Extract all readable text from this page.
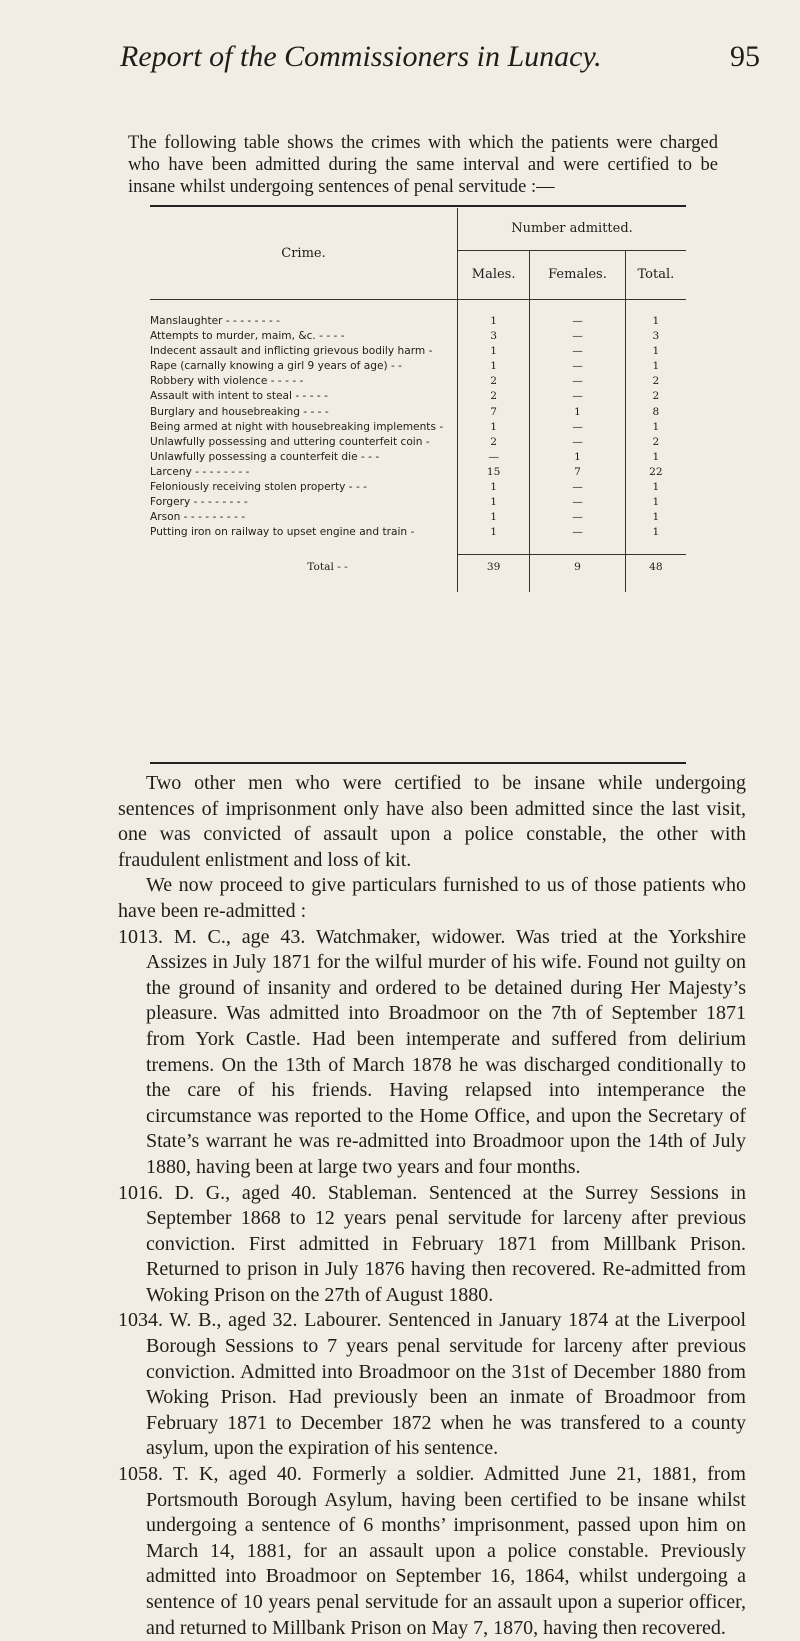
Report of the Commissioners in Lunacy.	95
The following table shows the crimes with which the patients were charged who have been admitted during the same interval and were certified to be insane whilst undergoing sentences of penal servitude :—
Crime.	Number admitted.		
	Males.	Females.	Total.

Manslaughter - - - - - - - -	1	—	1
Attempts to murder, maim, &c. - - - -	3	—	3
Indecent assault and inflicting grievous bodily harm -	1	—	1
Rape (carnally knowing a girl 9 years of age) - -	1	—	1
Robbery with violence - - - - -	2	—	2
Assault with intent to steal - - - - -	2	—	2
Burglary and housebreaking - - - -	7	1	8
Being armed at night with housebreaking implements -	1	—	1
Unlawfully possessing and uttering counterfeit coin -	2	—	2
Unlawfully possessing a counterfeit die - - -	—	1	1
Larceny - - - - - - - -	15	7	22
Feloniously receiving stolen property - - -	1	—	1
Forgery - - - - - - - -	1	—	1
Arson - - - - - - - - -	1	—	1
Putting iron on railway to upset engine and train -	1	—	1

Total - -	39	9	48

Two other men who were certified to be insane while undergoing sentences of imprisonment only have also been admitted since the last visit, one was convicted of assault upon a police constable, the other with fraudulent enlistment and loss of kit.

We now proceed to give particulars furnished to us of those patients who have been re-admitted :

1013. M. C., age 43. Watchmaker, widower. Was tried at the Yorkshire Assizes in July 1871 for the wilful murder of his wife. Found not guilty on the ground of insanity and ordered to be detained during Her Majesty’s pleasure. Was admitted into Broadmoor on the 7th of September 1871 from York Castle. Had been intemperate and suffered from delirium tremens. On the 13th of March 1878 he was discharged conditionally to the care of his friends. Having relapsed into intemperance the circumstance was reported to the Home Office, and upon the Secretary of State’s warrant he was re-admitted into Broadmoor upon the 14th of July 1880, having been at large two years and four months.

1016. D. G., aged 40. Stableman. Sentenced at the Surrey Sessions in September 1868 to 12 years penal servitude for larceny after previous conviction. First admitted in February 1871 from Millbank Prison. Returned to prison in July 1876 having then recovered. Re-admitted from Woking Prison on the 27th of August 1880.

1034. W. B., aged 32. Labourer. Sentenced in January 1874 at the Liverpool Borough Sessions to 7 years penal servitude for larceny after previous conviction. Admitted into Broadmoor on the 31st of December 1880 from Woking Prison. Had previously been an inmate of Broadmoor from February 1871 to December 1872 when he was transfered to a county asylum, upon the expiration of his sentence.

1058. T. K, aged 40. Formerly a soldier. Admitted June 21, 1881, from Portsmouth Borough Asylum, having been certified to be insane whilst undergoing a sentence of 6 months’ imprisonment, passed upon him on March 14, 1881, for an assault upon a police constable. Previously admitted into Broadmoor on September 16, 1864, whilst undergoing a sentence of 10 years penal servitude for an assault upon a superior officer, and returned to Millbank Prison on May 7, 1870, having then recovered.
